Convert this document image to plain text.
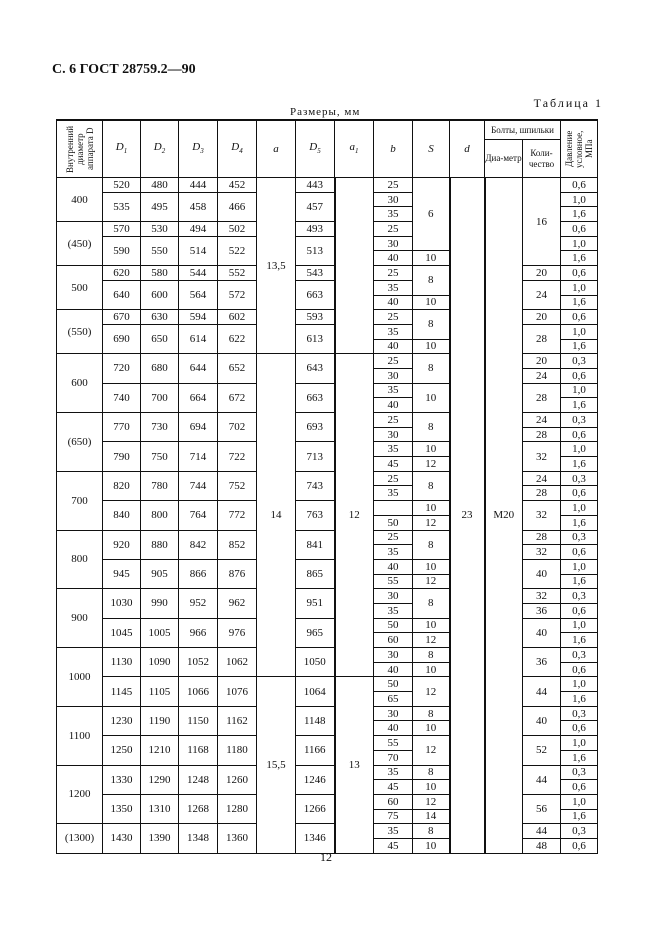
С. 6 ГОСТ 28759.2—90
Таблица 1
Размеры, мм
Внутренний диаметр аппарата D	$D_1$	$D_2$	$D_3$	$D_4$	a	$D_5$	$a_1$	b	S	d	Болты, шпильки		Давление условное, МПа

											Диа-метр	Коли-чество	
400	520	480	444	452	13,5	443		25	6	23	M20	16	0,6
	535	495	458	466		457		30					1,0
								35					1,6
(450)	570	530	494	502		493		25					0,6
	590	550	514	522		513		30					1,0
								40	10				1,6
500	620	580	544	552		543		25	8			20	0,6
	640	600	564	572		663		35				24	1,0
								40	10				1,6
(550)	670	630	594	602		593		25	8			20	0,6
	690	650	614	622		613		35				28	1,0
								40	10				1,6
600	720	680	644	652	14	643	12	25	8			20	0,3
								30				24	0,6
	740	700	664	672		663		35	10			28	1,0
								40					1,6
(650)	770	730	694	702		693		25	8			24	0,3
								30				28	0,6
	790	750	714	722		713		35	10			32	1,0
								45	12				1,6
700	820	780	744	752		743		25	8			24	0,3
								35				28	0,6
	840	800	764	772		763			10			32	1,0
								50	12				1,6
800	920	880	842	852		841		25	8			28	0,3
								35				32	0,6
	945	905	866	876		865		40	10			40	1,0
								55	12				1,6
900	1030	990	952	962		951		30	8			32	0,3
								35				36	0,6
	1045	1005	966	976		965		50	10			40	1,0
								60	12				1,6
1000	1130	1090	1052	1062		1050		30	8			36	0,3
								40	10				0,6
	1145	1105	1066	1076	15,5	1064	13	50	12			44	1,0
								65					1,6
1100	1230	1190	1150	1162		1148		30	8			40	0,3
								40	10				0,6
	1250	1210	1168	1180		1166		55	12			52	1,0
								70					1,6
1200	1330	1290	1248	1260		1246		35	8			44	0,3
								45	10				0,6
	1350	1310	1268	1280		1266		60	12			56	1,0
								75	14				1,6
(1300)	1430	1390	1348	1360		1346		35	8			44	0,3
								45	10			48	0,6
12
